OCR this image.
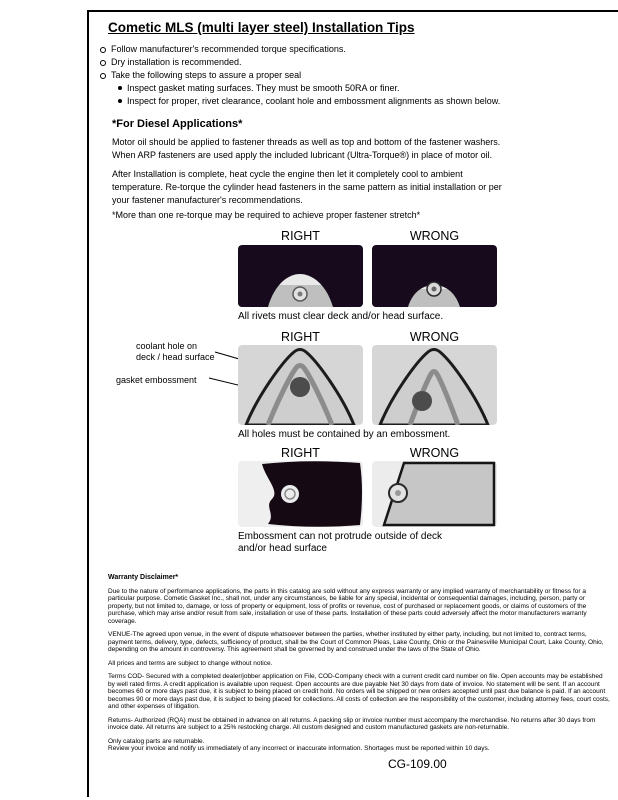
Cometic MLS (multi layer steel) Installation Tips
Follow manufacturer's recommended torque specifications.
Dry installation is recommended.
Take the following steps to assure a proper seal
Inspect gasket mating surfaces. They must be smooth 50RA or finer.
Inspect for proper, rivet clearance, coolant hole and embossment alignments as shown below.
*For Diesel Applications*
Motor oil should be applied to fastener threads as well as top and bottom of the fastener washers. When ARP fasteners are used apply the included lubricant (Ultra-Torque®) in place of motor oil.
After Installation is complete, heat cycle the engine then let it completely cool to ambient temperature. Re-torque the cylinder head fasteners in the same pattern as initial installation or per your fastener manufacturer's recommendations.
*More than one re-torque may be required to achieve proper fastener stretch*
RIGHT	WRONG
All rivets must clear deck and/or head surface.
RIGHT	WRONG
coolant hole on deck / head surface
gasket embossment
All holes must be contained by an embossment.
RIGHT	WRONG
Embossment can not protrude outside of deck and/or head surface
Warranty Disclaimer*

Due to the nature of performance applications, the parts in this catalog are sold without any express warranty or any implied warranty of merchantability or fitness for a particular purpose. Cometic Gasket Inc., shall not, under any circumstances, be liable for any special, incidental or consequential damages, including, person, party or property, but not limited to, damage, or loss of property or equipment, loss of profits or revenue, cost of purchased or replacement goods, or claims of customers of the purchase, which may arise and/or result from sale, installation or use of these parts. Installation of these parts could adversely affect the motor manufacturers warranty coverage.

VENUE-The agreed upon venue, in the event of dispute whatsoever between the parties, whether instituted by either party, including, but not limited to, contract terms, payment terms, delivery, type, defects, sufficiency of product, shall be the Court of Common Pleas, Lake County, Ohio or the Painesville Municipal Court, Lake County, Ohio, depending on the amount in controversy. This agreement shall be governed by and construed under the laws of the State of Ohio.

All prices and terms are subject to change without notice.

Terms COD- Secured with a completed dealer/jobber application on File, COD-Company check with a current credit card number on file. Open accounts may be established by well rated firms. A credit application is available upon request. Open accounts are due payable Net 30 days from date of invoice. No statement will be sent. If an account becomes 60 or more days past due, it is subject to being placed on credit hold. No orders will be shipped or new orders accepted until past due balance is paid. If an account becomes 90 or more days past due, it is subject to being placed for collections. All costs of collection are the responsibility of the customer, including attorney fees, court costs, and other expenses of litigation.

Returns- Authorized (RQA) must be obtained in advance on all returns. A packing slip or invoice number must accompany the merchandise. No returns after 30 days from invoice date. All returns are subject to a 25% restocking charge. All custom designed and custom manufactured gaskets are non-returnable.

Only catalog parts are returnable.

Review your invoice and notify us immediately of any incorrect or inaccurate information. Shortages must be reported within 10 days.

CG-109.00
